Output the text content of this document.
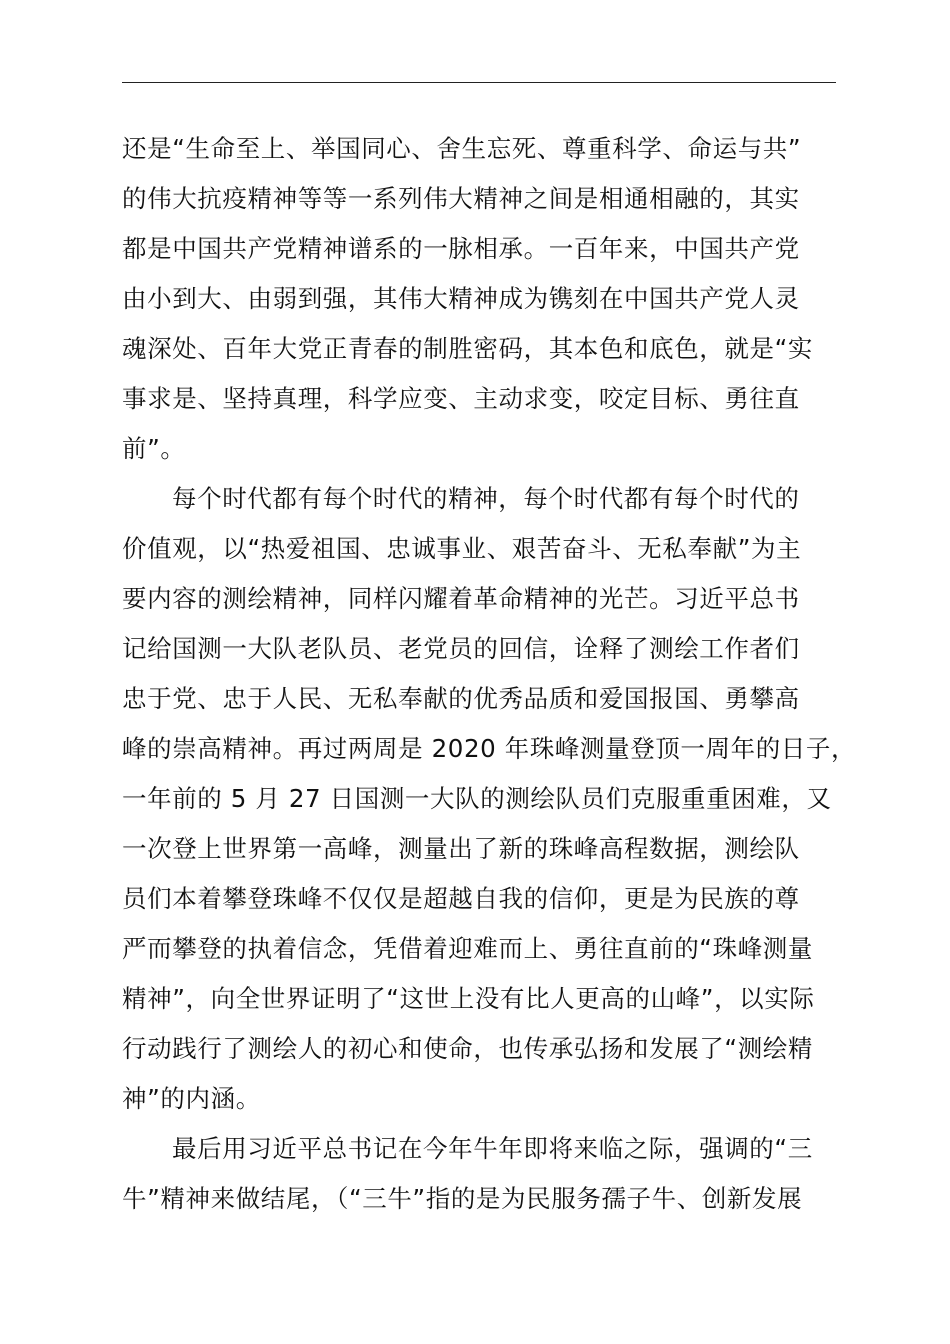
还是“生命至上、举国同心、舍生忘死、尊重科学、命运与共”
的伟大抗疫精神等等一系列伟大精神之间是相通相融的，其实
都是中国共产党精神谱系的一脉相承。一百年来，中国共产党
由小到大、由弱到强，其伟大精神成为镌刻在中国共产党人灵
魂深处、百年大党正青春的制胜密码，其本色和底色，就是“实
事求是、坚持真理，科学应变、主动求变，咬定目标、勇往直
前”。
每个时代都有每个时代的精神，每个时代都有每个时代的
价值观，以“热爱祖国、忠诚事业、艰苦奋斗、无私奉献”为主
要内容的测绘精神，同样闪耀着革命精神的光芒。习近平总书
记给国测一大队老队员、老党员的回信，诠释了测绘工作者们
忠于党、忠于人民、无私奉献的优秀品质和爱国报国、勇攀高
峰的崇高精神。再过两周是 2020 年珠峰测量登顶一周年的日子，
一年前的 5 月 27 日国测一大队的测绘队员们克服重重困难，又
一次登上世界第一高峰，测量出了新的珠峰高程数据，测绘队
员们本着攀登珠峰不仅仅是超越自我的信仰，更是为民族的尊
严而攀登的执着信念，凭借着迎难而上、勇往直前的“珠峰测量
精神”，向全世界证明了“这世上没有比人更高的山峰”，以实际
行动践行了测绘人的初心和使命，也传承弘扬和发展了“测绘精
神”的内涵。
最后用习近平总书记在今年牛年即将来临之际，强调的“三
牛”精神来做结尾，（“三牛”指的是为民服务孺子牛、创新发展
